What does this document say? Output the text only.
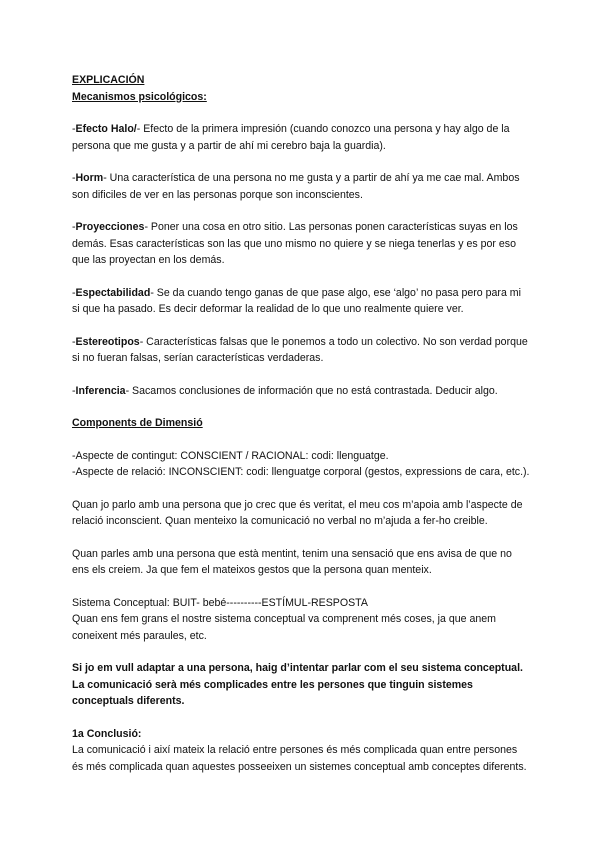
EXPLICACIÓN
Mecanismos psicológicos:

-Efecto Halo/- Efecto de la primera impresión (cuando conozco una persona y hay algo de la persona que me gusta y a partir de ahí mi cerebro baja la guardia).

-Horm- Una característica de una persona no me gusta y a partir de ahí ya me cae mal. Ambos son dificiles de ver en las personas porque son inconscientes.

-Proyecciones- Poner una cosa en otro sitio. Las personas ponen características suyas en los demás. Esas características son las que uno mismo no quiere y se niega tenerlas y es por eso que las proyectan en los demás.

-Espectabilidad- Se da cuando tengo ganas de que pase algo, ese ‘algo’ no pasa pero para mi si que ha pasado. Es decir deformar la realidad de lo que uno realmente quiere ver.

-Estereotipos- Características falsas que le ponemos a todo un colectivo. No son verdad porque si no fueran falsas, serían características verdaderas.

-Inferencia- Sacamos conclusiones de información que no está contrastada. Deducir algo.

Components de Dimensió

-Aspecte de contingut: CONSCIENT / RACIONAL: codi: llenguatge.
-Aspecte de relació: INCONSCIENT: codi: llenguatge corporal (gestos, expressions de cara, etc.).

Quan jo parlo amb una persona que jo crec que és veritat, el meu cos m’apoia amb l’aspecte de relació inconscient. Quan menteixo la comunicació no verbal no m’ajuda a fer-ho creible.

Quan parles amb una persona que està mentint, tenim una sensació que ens avisa de que no ens els creiem. Ja que fem el mateixos gestos que la persona quan menteix.

Sistema Conceptual: BUIT- bebé----------ESTÍMUL-RESPOSTA
Quan ens fem grans el nostre sistema conceptual va comprenent més coses, ja que anem coneixent més paraules, etc.

Si jo em vull adaptar a una persona, haig d’intentar parlar com el seu sistema conceptual.
La comunicació serà més complicades entre les persones que tinguin sistemes conceptuals diferents.

1a Conclusió:
La comunicació i així mateix la relació entre persones és més complicada quan entre persones és més complicada quan aquestes posseeixen un sistemes conceptual amb conceptes diferents.
